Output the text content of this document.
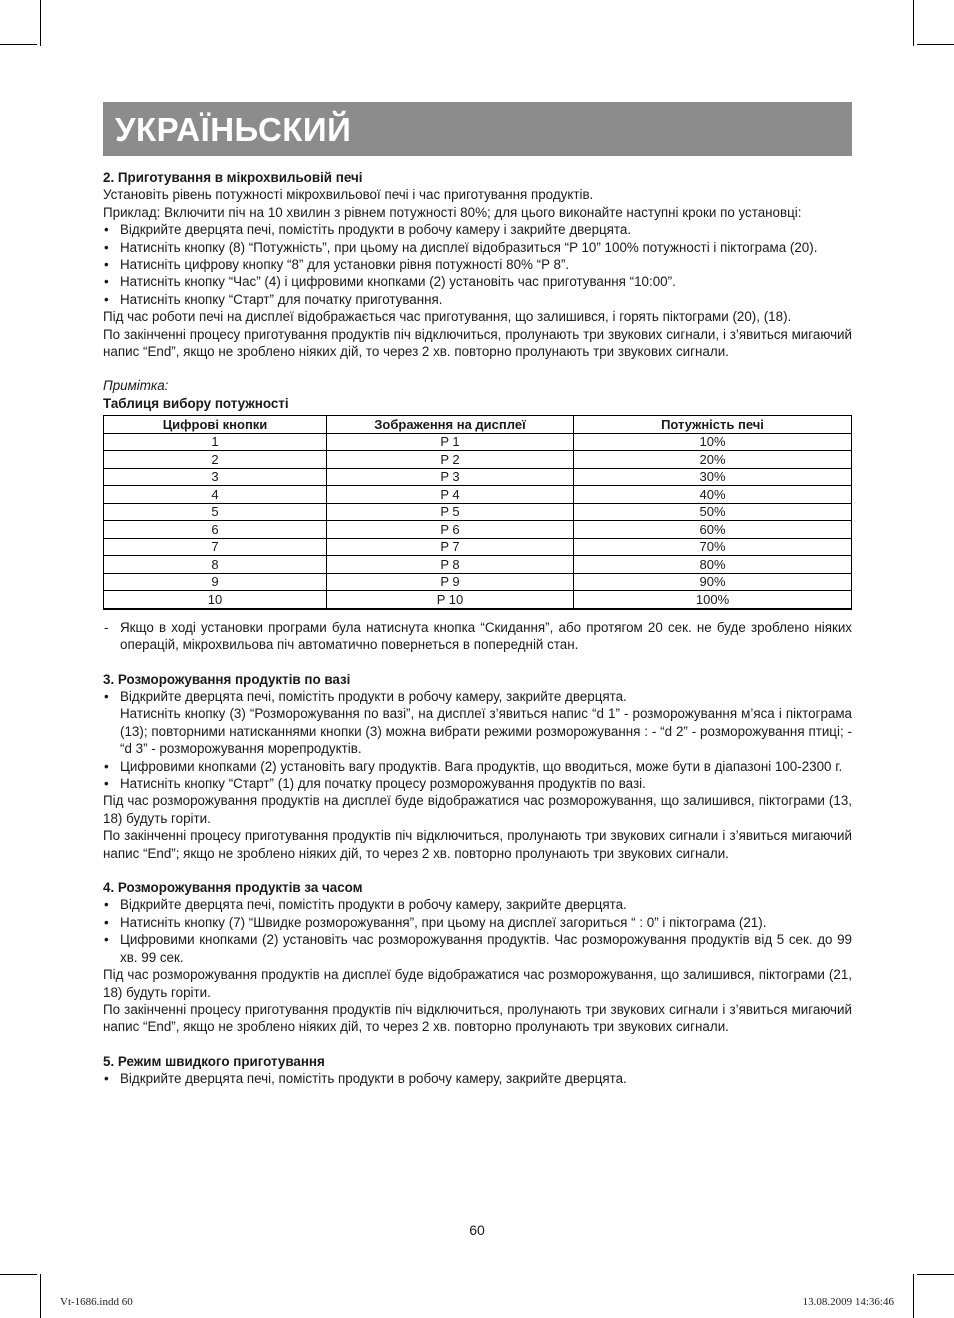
УКРАЇНЬСКИЙ
2. Приготування в мікрохвильовій печі

Установіть рівень потужності мікрохвильової печі і час приготування продуктів.

Приклад: Включити піч на 10 хвилин з рівнем потужності 80%; для цього виконайте наступні кроки по установці:

• Відкрийте дверцята печі, помістіть продукти в робочу камеру і закрийте дверцята.
• Натисніть кнопку (8) “Потужність”, при цьому на дисплеї відобразиться “P 10” 100% потужності і піктограма (20).
• Натисніть цифрову кнопку “8” для установки рівня потужності 80% “P 8”.
• Натисніть кнопку “Час” (4) і цифровими кнопками (2) установіть час приготування “10:00”.
• Натисніть кнопку “Старт” для початку приготування.

Під час роботи печі на дисплеї відображається час приготування, що залишився, і горять піктограми (20), (18).

По закінченні процесу приготування продуктів піч відключиться, пролунають три звукових сигнали, і з’явиться мигаючий напис “End”, якщо не зроблено ніяких дій, то через 2 хв. повторно пролунають три звукових сигнали.

Примітка:
Таблиця вибору потужності
Цифрові кнопки	Зображення на дисплеї	Потужність печі
1	P 1	10%
2	P 2	20%
3	P 3	30%
4	P 4	40%
5	P 5	50%
6	P 6	60%
7	P 7	70%
8	P 8	80%
9	P 9	90%
10	P 10	100%
- Якщо в ході установки програми була натиснута кнопка “Скидання”, або протягом 20 сек. не буде зроблено ніяких операцій, мікрохвильова піч автоматично повернеться в попередній стан.
3. Розморожування продуктів по вазі
• Відкрийте дверцята печі, помістіть продукти в робочу камеру, закрийте дверцята.
Натисніть кнопку (3) “Розморожування по вазі”, на дисплеї з’явиться напис “d 1” - розморожування м’яса і піктограма (13); повторними натисканнями кнопки (3) можна вибрати режими розморожування : - “d 2” - розморожування птиці; - “d 3” - розморожування морепродуктів.
• Цифровими кнопками (2) установіть вагу продуктів. Вага продуктів, що вводиться, може бути в діапазоні 100-2300 г.
• Натисніть кнопку “Старт” (1) для початку процесу розморожування продуктів по вазі.

Під час розморожування продуктів на дисплеї буде відображатися час розморожування, що залишився, піктограми (13, 18) будуть горіти.

По закінченні процесу приготування продуктів піч відключиться, пролунають три звукових сигнали і з’явиться мигаючий напис “End”; якщо не зроблено ніяких дій, то через 2 хв. повторно пролунають три звукових сигнали.

4. Розморожування продуктів за часом
• Відкрийте дверцята печі, помістіть продукти в робочу камеру, закрийте дверцята.
• Натисніть кнопку (7) “Швидке розморожування”, при цьому на дисплеї загориться “ : 0” і піктограма (21).
• Цифровими кнопками (2) установіть час розморожування продуктів. Час розморожування продуктів від 5 сек. до 99 хв. 99 сек.

Під час розморожування продуктів на дисплеї буде відображатися час розморожування, що залишився, піктограми (21, 18) будуть горіти.

По закінченні процесу приготування продуктів піч відключиться, пролунають три звукових сигнали і з’явиться мигаючий напис “End”, якщо не зроблено ніяких дій, то через 2 хв. повторно пролунають три звукових сигнали.

5. Режим швидкого приготування
• Відкрийте дверцята печі, помістіть продукти в робочу камеру, закрийте дверцята.
60
Vt-1686.indd 60	13.08.2009 14:36:46
